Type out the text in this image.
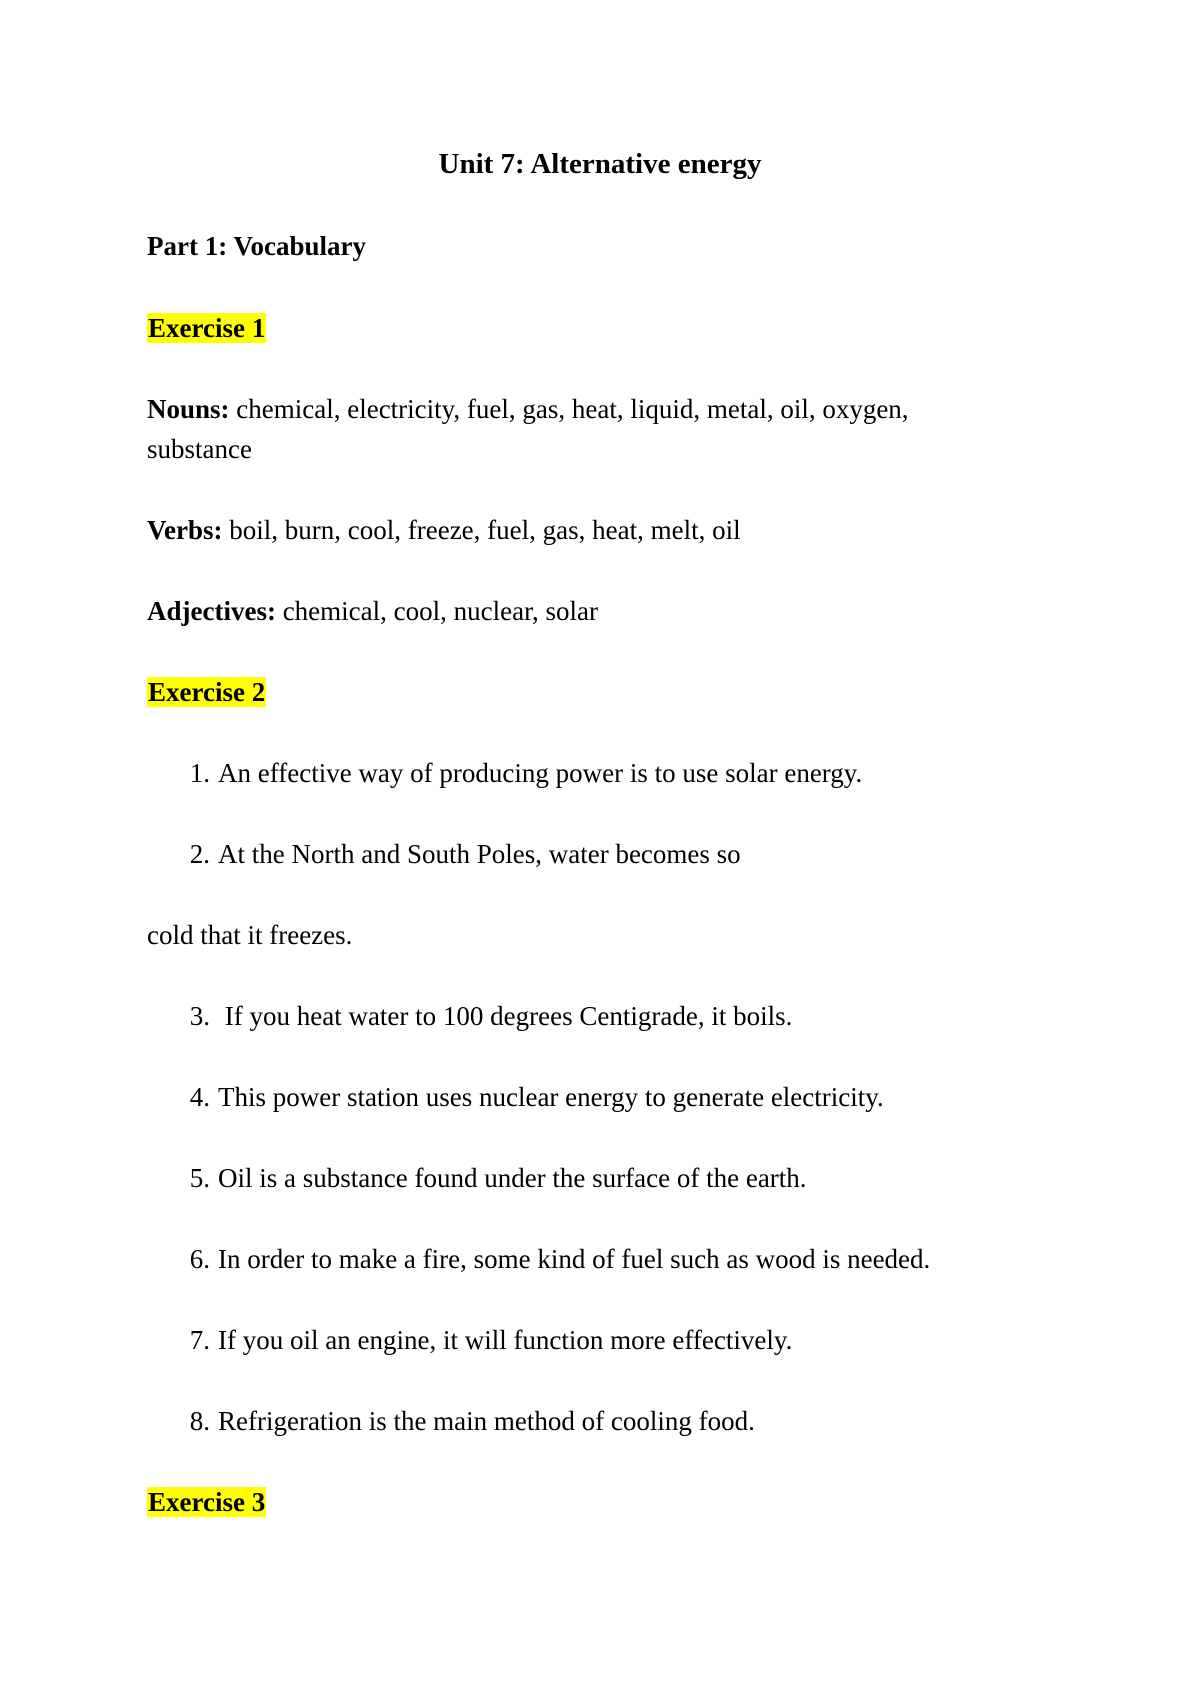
Unit 7: Alternative energy
Part 1: Vocabulary
Exercise 1
Nouns: chemical, electricity, fuel, gas, heat, liquid, metal, oil, oxygen,
substance
Verbs: boil, burn, cool, freeze, fuel, gas, heat, melt, oil
Adjectives: chemical, cool, nuclear, solar
Exercise 2
1. An effective way of producing power is to use solar energy.
2. At the North and South Poles, water becomes so
cold that it freezes.
3. If you heat water to 100 degrees Centigrade, it boils.
4. This power station uses nuclear energy to generate electricity.
5. Oil is a substance found under the surface of the earth.
6. In order to make a fire, some kind of fuel such as wood is needed.
7. If you oil an engine, it will function more effectively.
8. Refrigeration is the main method of cooling food.
Exercise 3
